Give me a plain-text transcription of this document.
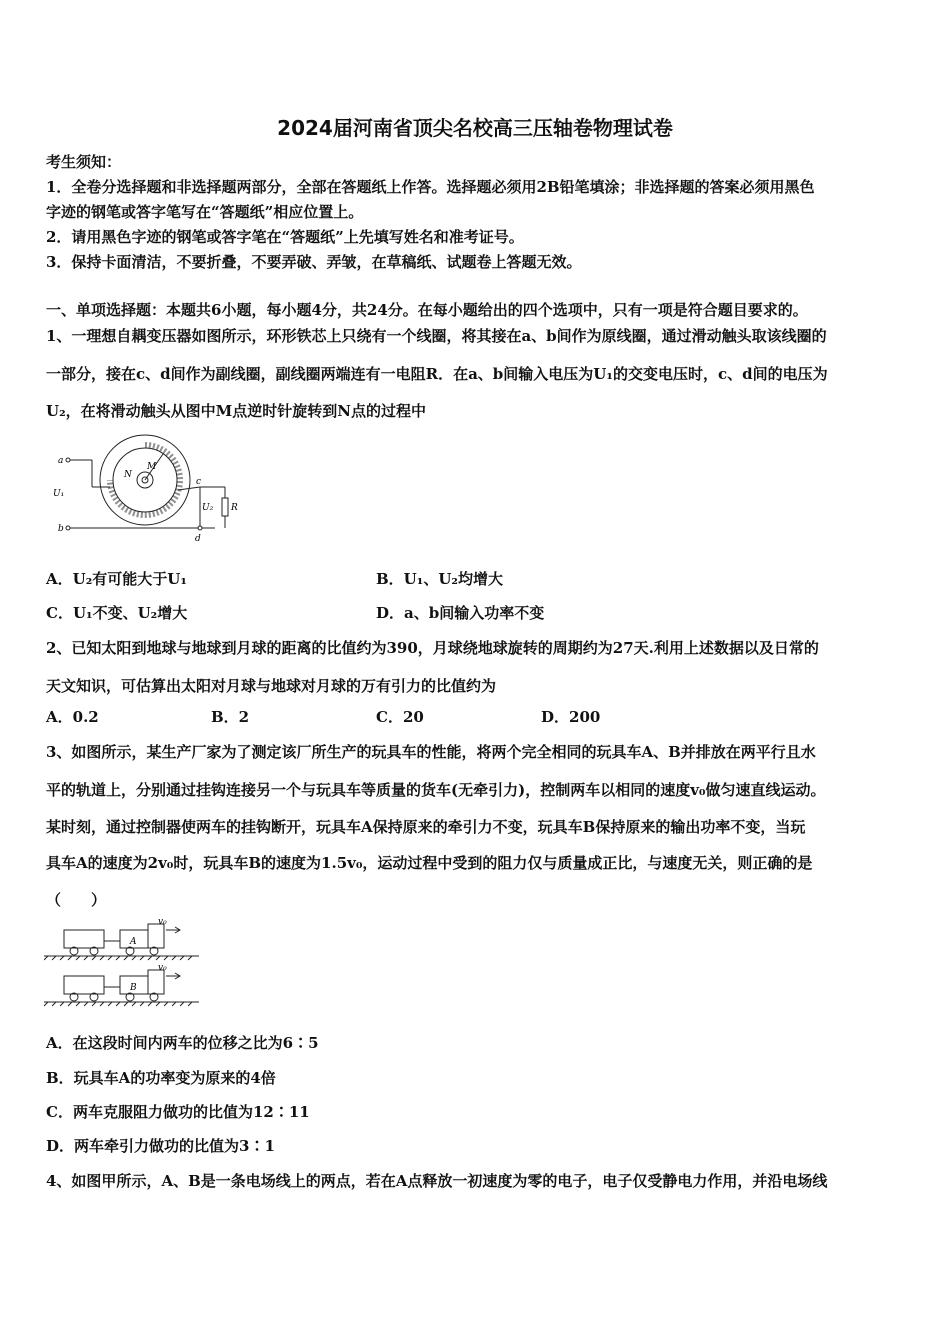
2024届河南省顶尖名校高三压轴卷物理试卷
考生须知：
1．全卷分选择题和非选择题两部分，全部在答题纸上作答。选择题必须用2B铅笔填涂；非选择题的答案必须用黑色
字迹的钢笔或答字笔写在“答题纸”相应位置上。
2．请用黑色字迹的钢笔或答字笔在“答题纸”上先填写姓名和准考证号。
3．保持卡面清洁，不要折叠，不要弄破、弄皱，在草稿纸、试题卷上答题无效。
一、单项选择题：本题共6小题，每小题4分，共24分。在每小题给出的四个选项中，只有一项是符合题目要求的。
1、一理想自耦变压器如图所示，环形铁芯上只绕有一个线圈，将其接在a、b间作为原线圈，通过滑动触头取该线圈的
一部分，接在c、d间作为副线圈，副线圈两端连有一电阻R．在a、b间输入电压为U₁的交变电压时，c、d间的电压为
U₂，在将滑动触头从图中M点逆时针旋转到N点的过程中
a
b
c
d
M
N
R
U₁
U₂
A．U₂有可能大于U₁	B．U₁、U₂均增大
C．U₁不变、U₂增大	D．a、b间输入功率不变
2、已知太阳到地球与地球到月球的距离的比值约为390，月球绕地球旋转的周期约为27天.利用上述数据以及日常的
天文知识，可估算出太阳对月球与地球对月球的万有引力的比值约为
A．0.2	B．2	C．20	D．200
3、如图所示，某生产厂家为了测定该厂所生产的玩具车的性能，将两个完全相同的玩具车A、B并排放在两平行且水
平的轨道上，分别通过挂钩连接另一个与玩具车等质量的货车(无牵引力)，控制两车以相同的速度v₀做匀速直线运动。
某时刻，通过控制器使两车的挂钩断开，玩具车A保持原来的牵引力不变，玩具车B保持原来的输出功率不变，当玩
具车A的速度为2v₀时，玩具车B的速度为1.5v₀，运动过程中受到的阻力仅与质量成正比，与速度无关，则正确的是
（　　）
A
B
v₀
v₀
A．在这段时间内两车的位移之比为6∶5
B．玩具车A的功率变为原来的4倍
C．两车克服阻力做功的比值为12∶11
D．两车牵引力做功的比值为3∶1
4、如图甲所示，A、B是一条电场线上的两点，若在A点释放一初速度为零的电子，电子仅受静电力作用，并沿电场线
